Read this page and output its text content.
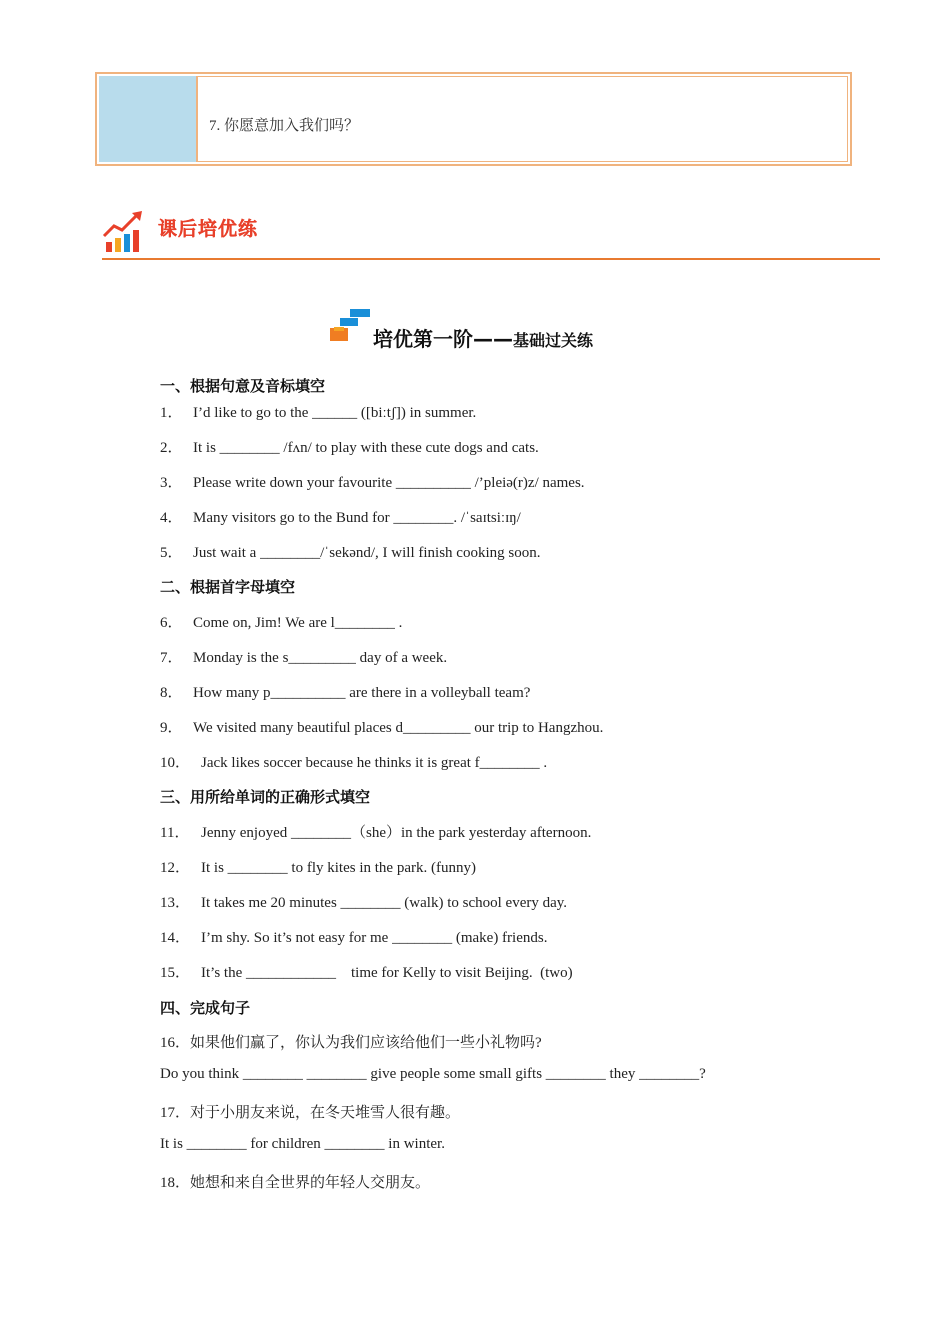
7. 你愿意加入我们吗？
课后培优练
培优第一阶——基础过关练
一、根据句意及音标填空
1． I’d like to go to the ______ ([biːtʃ]) in summer.
2． It is ________ /fʌn/ to play with these cute dogs and cats.
3． Please write down your favourite __________ /’pleiə(r)z/ names.
4． Many visitors go to the Bund for ________. /ˈsaɪtsiːɪŋ/
5． Just wait a ________/ˈsekənd/, I will finish cooking soon.
二、根据首字母填空
6． Come on, Jim! We are l________ .
7． Monday is the s_________ day of a week.
8． How many p__________ are there in a volleyball team?
9． We visited many beautiful places d_________ our trip to Hangzhou.
10． Jack likes soccer because he thinks it is great f________ .
三、用所给单词的正确形式填空
11． Jenny enjoyed ________（she）in the park yesterday afternoon.
12． It is ________ to fly kites in the park. (funny)
13． It takes me 20 minutes ________ (walk) to school every day.
14． I’m shy. So it’s not easy for me ________ (make) friends.
15． It’s the ____________    time for Kelly to visit Beijing.  (two)
四、完成句子
16．如果他们赢了，你认为我们应该给他们一些小礼物吗?
Do you think ________ ________ give people some small gifts ________ they ________?
17．对于小朋友来说，在冬天堆雪人很有趣。
It is ________ for children ________ in winter.
18．她想和来自全世界的年轻人交朋友。
